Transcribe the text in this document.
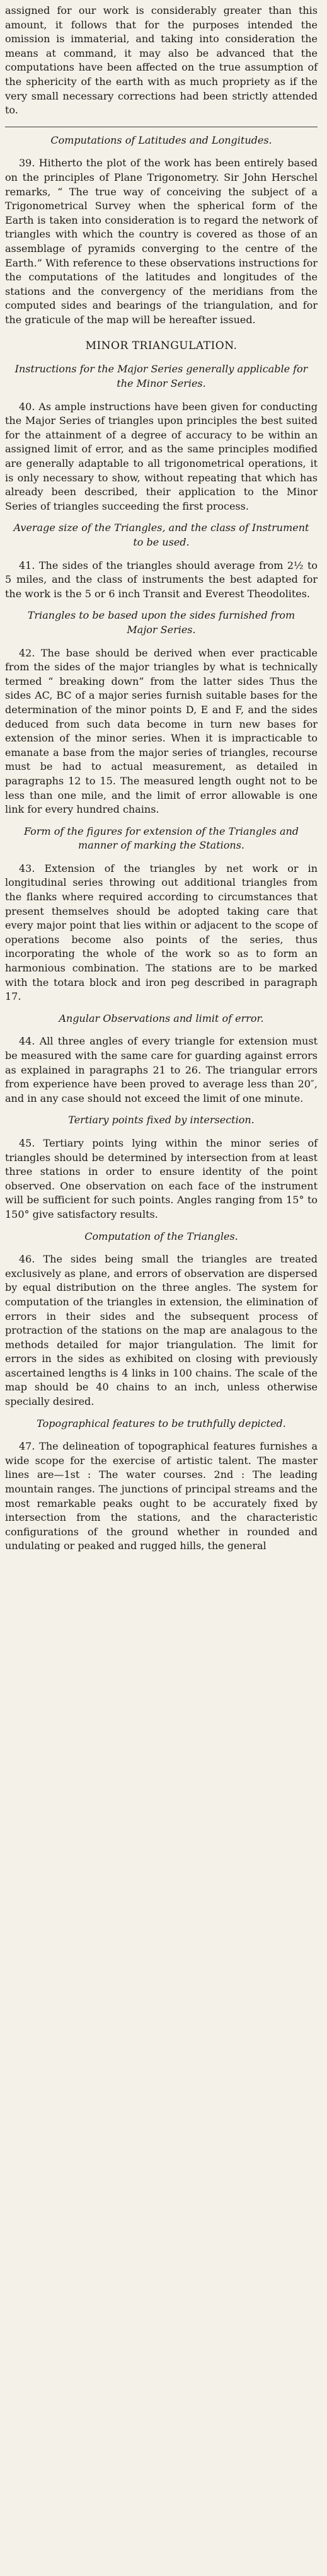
assigned for our work is considerably greater than this amount, it follows that for the purposes intended the omission is immaterial, and taking into consideration the means at command, it may also be advanced that the computations have been affected on the true assumption of the sphericity of the earth with as much propriety as if the very small necessary corrections had been strictly attended to.

Computations of Latitudes and Longitudes.

39. Hitherto the plot of the work has been entirely based on the principles of Plane Trigonometry. Sir John Herschel remarks, “ The true way of conceiving the subject of a Trigonometrical Survey when the spherical form of the Earth is taken into consideration is to regard the network of triangles with which the country is covered as those of an assemblage of pyramids converging to the centre of the Earth.” With reference to these observations instructions for the computations of the latitudes and longitudes of the stations and the convergency of the meridians from the computed sides and bearings of the triangulation, and for the graticule of the map will be hereafter issued.

MINOR TRIANGULATION.

Instructions for the Major Series generally applicable for the Minor Series.

40. As ample instructions have been given for conducting the Major Series of triangles upon principles the best suited for the attainment of a degree of accuracy to be within an assigned limit of error, and as the same principles modified are generally adaptable to all trigonometrical operations, it is only necessary to show, without repeating that which has already been described, their application to the Minor Series of triangles succeeding the first process.

Average size of the Triangles, and the class of Instrument to be used.

41. The sides of the triangles should average from 2½ to 5 miles, and the class of instruments the best adapted for the work is the 5 or 6 inch Transit and Everest Theodolites.

Triangles to be based upon the sides furnished from Major Series.

42. The base should be derived when ever practicable from the sides of the major triangles by what is technically termed “ breaking down” from the latter sides Thus the sides AC, BC of a major series furnish suitable bases for the determination of the minor points D, E and F, and the sides deduced from such data become in turn new bases for extension of the minor series. When it is impracticable to emanate a base from the major series of triangles, recourse must be had to actual measurement, as detailed in paragraphs 12 to 15. The measured length ought not to be less than one mile, and the limit of error allowable is one link for every hundred chains.

Form of the figures for extension of the Triangles and manner of marking the Stations.

43. Extension of the triangles by net work or in longitudinal series throwing out additional triangles from the flanks where required according to circumstances that present themselves should be adopted taking care that every major point that lies within or adjacent to the scope of operations become also points of the series, thus incorporating the whole of the work so as to form an harmonious combination. The stations are to be marked with the totara block and iron peg described in paragraph 17.

Angular Observations and limit of error.

44. All three angles of every triangle for extension must be measured with the same care for guarding against errors as explained in paragraphs 21 to 26. The triangular errors from experience have been proved to average less than 20″, and in any case should not exceed the limit of one minute.

Tertiary points fixed by intersection.

45. Tertiary points lying within the minor series of triangles should be determined by intersection from at least three stations in order to ensure identity of the point observed. One observation on each face of the instrument will be sufficient for such points. Angles ranging from 15° to 150° give satisfactory results.

Computation of the Triangles.

46. The sides being small the triangles are treated exclusively as plane, and errors of observation are dispersed by equal distribution on the three angles. The system for computation of the triangles in extension, the elimination of errors in their sides and the subsequent process of protraction of the stations on the map are analagous to the methods detailed for major triangulation. The limit for errors in the sides as exhibited on closing with previously ascertained lengths is 4 links in 100 chains. The scale of the map should be 40 chains to an inch, unless otherwise specially desired.

Topographical features to be truthfully depicted.

47. The delineation of topographical features furnishes a wide scope for the exercise of artistic talent. The master lines are—1st : The water courses. 2nd : The leading mountain ranges. The junctions of principal streams and the most remarkable peaks ought to be accurately fixed by intersection from the stations, and the characteristic configurations of the ground whether in rounded and undulating or peaked and rugged hills, the general
